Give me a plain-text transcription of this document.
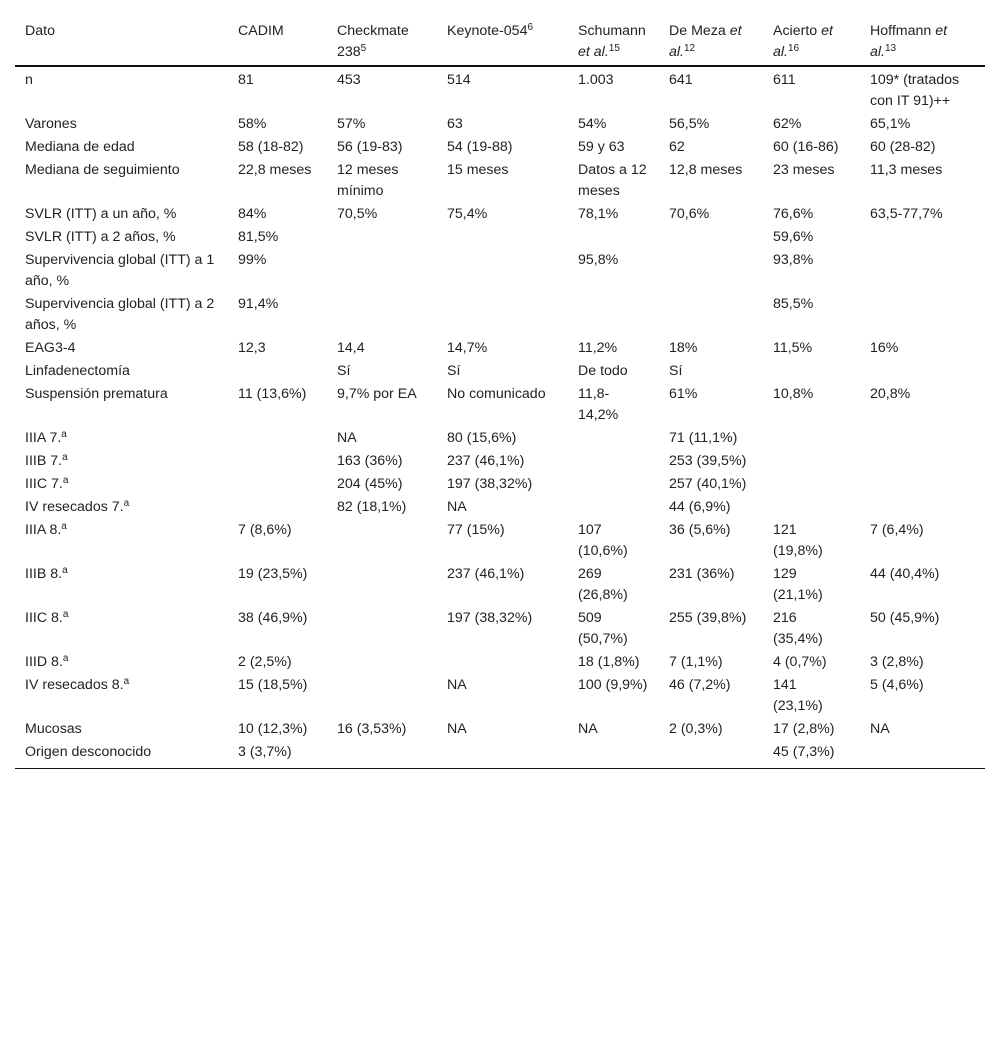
Dato	CADIM	Checkmate $238^5$	Keynote-$054^6$	Schumann et al.$^{15}$	De Meza et al.$^{12}$	Acierto et al.$^{16}$	Hoffmann et al.$^{13}$
n	81	453	514	1.003	641	611	109* (tratados con IT 91)++
Varones	58%	57%	63	54%	56,5%	62%	65,1%
Mediana de edad	58 (18-82)	56 (19-83)	54 (19-88)	59 y 63	62	60 (16-86)	60 (28-82)
Mediana de seguimiento	22,8 meses	12 meses mínimo	15 meses	Datos a 12 meses	12,8 meses	23 meses	11,3 meses
SVLR (ITT) a un año, %	84%	70,5%	75,4%	78,1%	70,6%	76,6%	63,5-77,7%
SVLR (ITT) a 2 años, %	81,5%					59,6%	
Supervivencia global (ITT) a 1 año, %	99%			95,8%		93,8%	
Supervivencia global (ITT) a 2 años, %	91,4%					85,5%	
EAG3-4	12,3	14,4	14,7%	11,2%	18%	11,5%	16%
Linfadenectomía		Sí	Sí	De todo	Sí		
Suspensión prematura	11 (13,6%)	9,7% por EA	No comunicado	11,8-14,2%	61%	10,8%	20,8%
IIIA 7.$^a$		NA	80 (15,6%)		71 (11,1%)		
IIIB 7.$^a$		163 (36%)	237 (46,1%)		253 (39,5%)		
IIIC 7.$^a$		204 (45%)	197 (38,32%)		257 (40,1%)		
IV resecados 7.$^a$		82 (18,1%)	NA		44 (6,9%)		
IIIA 8.$^a$	7 (8,6%)		77 (15%)	107 (10,6%)	36 (5,6%)	121 (19,8%)	7 (6,4%)
IIIB 8.$^a$	19 (23,5%)		237 (46,1%)	269 (26,8%)	231 (36%)	129 (21,1%)	44 (40,4%)
IIIC 8.$^a$	38 (46,9%)		197 (38,32%)	509 (50,7%)	255 (39,8%)	216 (35,4%)	50 (45,9%)
IIID 8.$^a$	2 (2,5%)			18 (1,8%)	7 (1,1%)	4 (0,7%)	3 (2,8%)
IV resecados 8.$^a$	15 (18,5%)		NA	100 (9,9%)	46 (7,2%)	141 (23,1%)	5 (4,6%)
Mucosas	10 (12,3%)	16 (3,53%)	NA	NA	2 (0,3%)	17 (2,8%)	NA
Origen desconocido	3 (3,7%)					45 (7,3%)	
